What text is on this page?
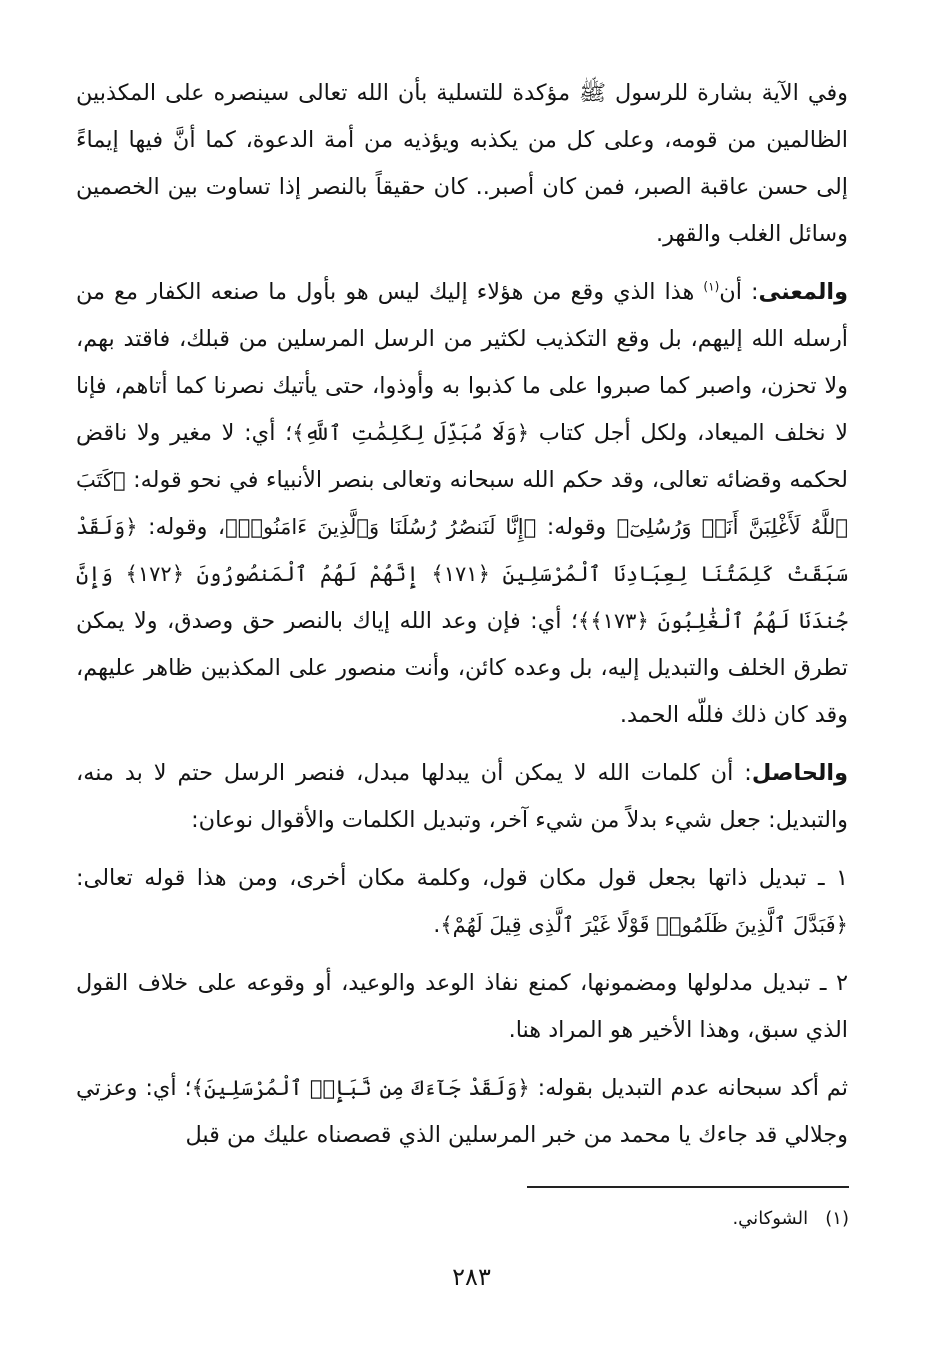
وفي الآية بشارة للرسول ﷺ مؤكدة للتسلية بأن الله تعالى سينصره على المكذبين الظالمين من قومه، وعلى كل من يكذبه ويؤذيه من أمة الدعوة، كما أنَّ فيها إيماءً إلى حسن عاقبة الصبر، فمن كان أصبر.. كان حقيقاً بالنصر إذا تساوت بين الخصمين وسائل الغلب والقهر.

والمعنى: أن$^{(١)}$ هذا الذي وقع من هؤلاء إليك ليس هو بأول ما صنعه الكفار مع من أرسله الله إليهم، بل وقع التكذيب لكثير من الرسل المرسلين من قبلك، فاقتد بهم، ولا تحزن، واصبر كما صبروا على ما كذبوا به وأوذوا، حتى يأتيك نصرنا كما أتاهم، فإنا لا نخلف الميعاد، ولكل أجل كتاب ﴿وَلَا مُبَدِّلَ لِكَلِمَٰتِ ٱللَّهِ﴾؛ أي: لا مغير ولا ناقض لحكمه وقضائه تعالى، وقد حكم الله سبحانه وتعالى بنصر الأنبياء في نحو قوله: ﴿كَتَبَ ٱللَّهُ لَأَغْلِبَنَّ أَنَا۠ وَرُسُلِىٓ﴾ وقوله: ﴿إِنَّا لَنَنصُرُ رُسُلَنَا وَٱلَّذِينَ ءَامَنُوا۟﴾، وقوله: ﴿وَلَقَدْ سَبَقَتْ كَلِمَتُنَا لِعِبَادِنَا ٱلْمُرْسَلِينَ ﴿١٧١﴾ إِنَّهُمْ لَهُمُ ٱلْمَنصُورُونَ ﴿١٧٢﴾ وَإِنَّ جُندَنَا لَهُمُ ٱلْغَٰلِبُونَ ﴿١٧٣﴾﴾؛ أي: فإن وعد الله إياك بالنصر حق وصدق، ولا يمكن تطرق الخلف والتبديل إليه، بل وعده كائن، وأنت منصور على المكذبين ظاهر عليهم، وقد كان ذلك فللّه الحمد.

والحاصل: أن كلمات الله لا يمكن أن يبدلها مبدل، فنصر الرسل حتم لا بد منه، والتبديل: جعل شيء بدلاً من شيء آخر، وتبديل الكلمات والأقوال نوعان:

١ ـ تبديل ذاتها بجعل قول مكان قول، وكلمة مكان أخرى، ومن هذا قوله تعالى: ﴿فَبَدَّلَ ٱلَّذِينَ ظَلَمُوا۟ قَوْلًا غَيْرَ ٱلَّذِى قِيلَ لَهُمْ﴾.

٢ ـ تبديل مدلولها ومضمونها، كمنع نفاذ الوعد والوعيد، أو وقوعه على خلاف القول الذي سبق، وهذا الأخير هو المراد هنا.

ثم أكد سبحانه عدم التبديل بقوله: ﴿وَلَقَدْ جَآءَكَ مِن نَّبَإِى۟ ٱلْمُرْسَلِينَ﴾؛ أي: وعزتي وجلالي قد جاءك يا محمد من خبر المرسلين الذي قصصناه عليك من قبل

(١)   الشوكاني.
٢٨٣
